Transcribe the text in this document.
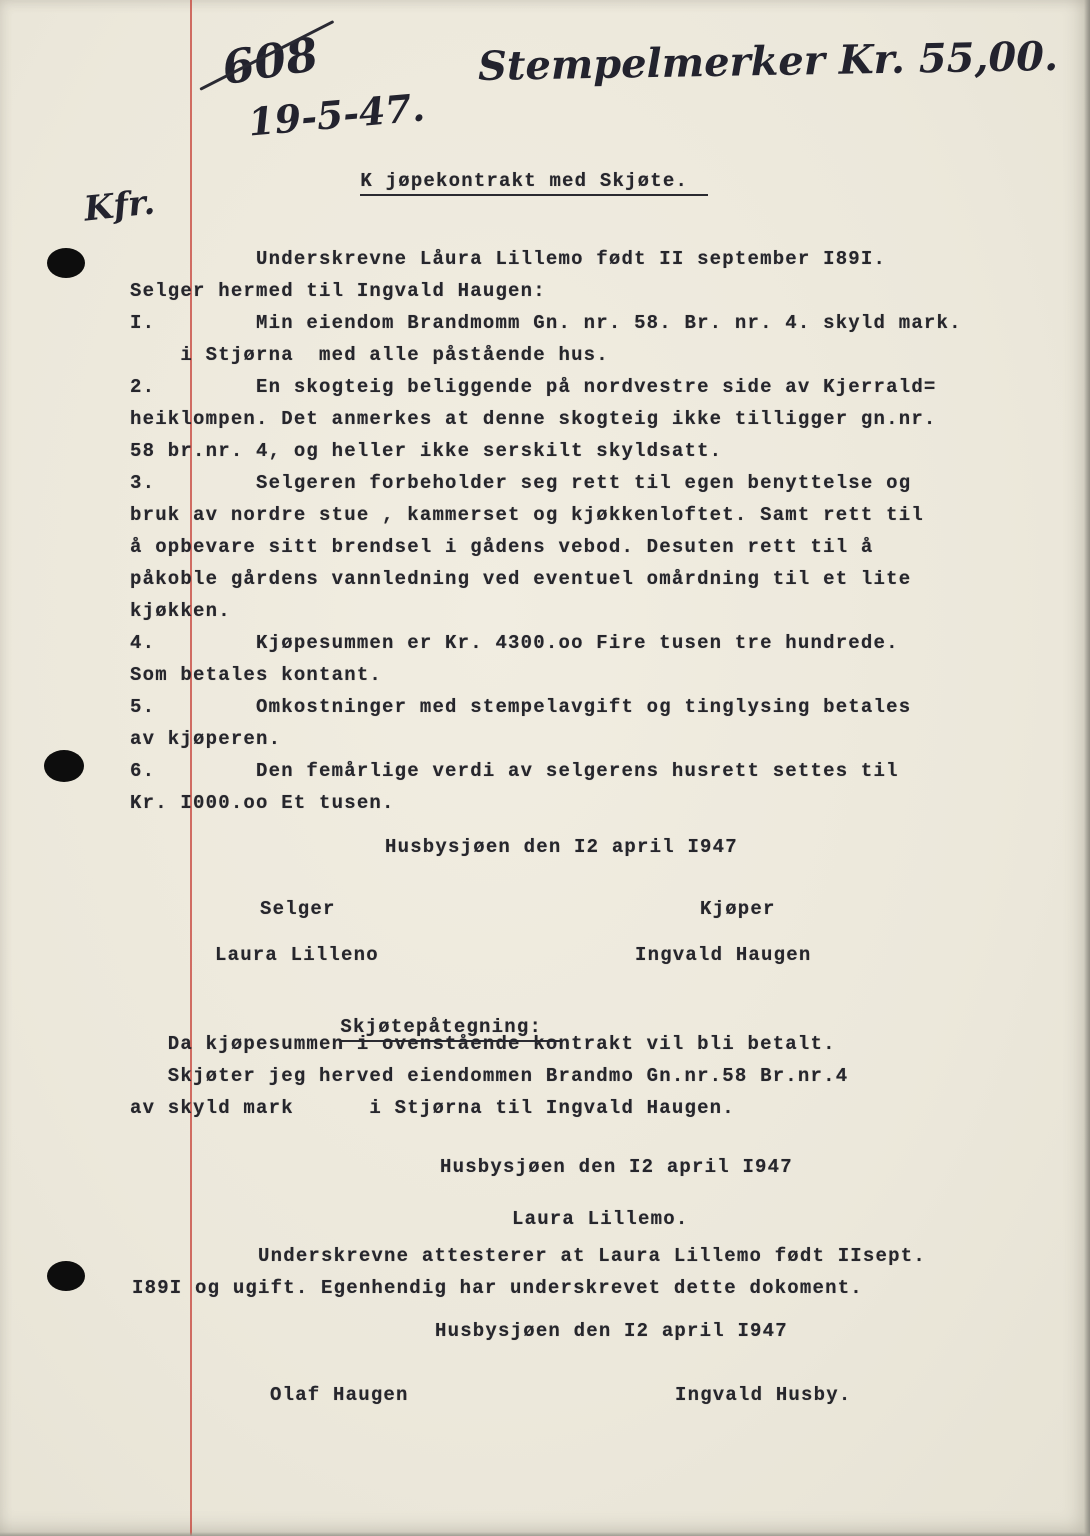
608
19-5-47.
Stempelmerker Kr. 55,00.
Kfr.

K jøpekontrakt med Skjøte.

Underskrevne Låura Lillemo født II september I89I.
Selger hermed til Ingvald Haugen:
I.        Min eiendom Brandmomm Gn. nr. 58. Br. nr. 4. skyld mark.
i Stjørna  med alle påstående hus.
2.        En skogteig beliggende på nordvestre side av Kjerrald=
heiklompen. Det anmerkes at denne skogteig ikke tilligger gn.nr.
58 br.nr. 4, og heller ikke serskilt skyldsatt.
3.        Selgeren forbeholder seg rett til egen benyttelse og
bruk av nordre stue , kammerset og kjøkkenloftet. Samt rett til
å opbevare sitt brendsel i gådens vebod. Desuten rett til å
påkoble gårdens vannledning ved eventuel omårdning til et lite
kjøkken.
4.        Kjøpesummen er Kr. 4300.oo Fire tusen tre hundrede.
Som betales kontant.
5.        Omkostninger med stempelavgift og tinglysing betales
av kjøperen.
6.        Den femårlige verdi av selgerens husrett settes til
Kr. I000.oo Et tusen.
Husbysjøen den I2 april I947
Selger	Kjøper
Laura Lilleno	Ingvald Haugen

Skjøtepåtegning:

Da kjøpesummen i ovenstående kontrakt vil bli betalt.
Skjøter jeg herved eiendommen Brandmo Gn.nr.58 Br.nr.4
av skyld mark      i Stjørna til Ingvald Haugen.
Husbysjøen den I2 april I947
Laura Lillemo.
Underskrevne attesterer at Laura Lillemo født IIsept.
I89I og ugift. Egenhendig har underskrevet dette dokoment.
Husbysjøen den I2 april I947
Olaf Haugen	Ingvald Husby.
